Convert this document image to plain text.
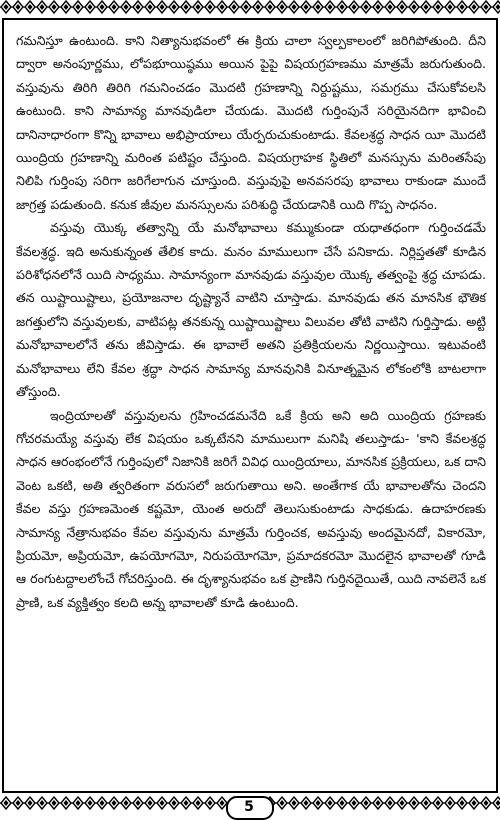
గమనిస్తూ ఉంటుంది. కాని నిత్యానుభవంలో ఈ క్రియ చాలా స్వల్పకాలంలో జరిగిపోతుంది. దీని ద్వారా అనంపూర్ణము, లోపభూయిష్ఠము అయిన పైపై విషయగ్రహణము మాత్రమే జరుగుతుంది. వస్తువును తిరిగి తిరిగి గమనించడం మొదటి గ్రహణాన్ని నిర్దుష్టము, సమగ్రము చేసుకోవలసి ఉంటుంది. కాని సామాన్య మానవుడిలా చేయడు. మొదటి గుర్తింపునే సరియైనదిగా భావించి దానినాధారంగా కొన్ని భావాలు అభిప్రాయాలు యేర్పరుచుకుంటాడు. కేవలశ్రద్ధ సాధన యీ మొదటి యింద్రియ గ్రహణాన్ని మరింత పటిష్టం చేస్తుంది. విషయగ్రాహక స్థితిలో మనస్సును మరింతసేపు నిలిపి గుర్తింపు సరిగా జరిగేలాగున చూస్తుంది. వస్తువుపై అనవసరపు భావాలు రాకుండా ముందే జాగ్రత్త పడుతుంది. కనుక జీవుల మనస్సులను పరిశుద్ధి చేయడానికి యిది గొప్ప సాధనం.

వస్తువు యొక్క తత్వాన్ని యే మనోభావాలు కమ్ముకుండా యధాతధంగా గుర్తించడమే కేవలశ్రద్ధ. ఇది అనుకున్నంత తేలిక కాదు. మనం మాములుగా చేసే పనికాదు. నిర్లిప్తతతో కూడిన పరిశోధనలోనే యిది సాధ్యము. సామాన్యంగా మానవుడు వస్తువుల యొక్క తత్వంపై శ్రద్ధ చూపడు. తన యిష్టాయిష్టాలు, ప్రయోజనాల దృష్ట్యానే వాటిని చూస్తాడు. మానవుడు తన మానసిక భౌతిక జగత్తులోని వస్తువులకు, వాటిపట్ల తనకున్న యిష్టాయిష్టాలు విలువల తోటి వాటిని గుర్తిస్తాడు. అట్టి మనోభావాలలోనే తను జీవిస్తాడు. ఈ భావాలే అతని ప్రతిక్రియలను నిర్ణయిస్తాయి. ఇటువంటి మనోభావాలు లేని కేవల శ్రద్ధా సాధన సామాన్య మానవునికి వినూత్నమైన లోకంలోకి బాటలాగా తోస్తుంది.

ఇంద్రియాలతో వస్తువులను గ్రహించడమనేది ఒకే క్రియ అని అది యింద్రియ గ్రహణకు గోచరమయ్యే వస్తువు లేక విషయం ఒక్కటేనని మాములుగా మనిషి తలుస్తాడు- 'కాని కేవలశ్రద్ధ సాధన ఆరంభంలోనే గుర్తింపులో నిజానికి జరిగే వివిధ యింద్రియాలు, మానసిక ప్రక్రియలు, ఒక దాని వెంట ఒకటి, అతి త్వరితంగా వరుసలో జరుగుతాయి అని. అంతేగాక యే భావాలతోను చెందని కేవల వస్తు గ్రహణమెంత కష్టమో, యెంత అరుదో తెలుసుకుంటాడు సాధకుడు. ఉదాహరణకు సామాన్య నేత్రానుభవం కేవల వస్తువును మాత్రమే గుర్తించక, అవస్తువు అందమైనదో, వికారమో, ప్రియమో, అప్రియమో, ఉపయోగమో, నిరుపయోగమో, ప్రమాదకరమో మొదలైన భావాలతో గూడి ఆ రంగుటద్దాలలోంచే గోచరిస్తుంది. ఈ దృశ్యానుభవం ఒక ప్రాణిని గుర్తినదైయితే, యిది నావలెనే ఒక ప్రాణి, ఒక వ్యక్తిత్వం కలది అన్న భావాలతో కూడి ఉంటుంది.

5
